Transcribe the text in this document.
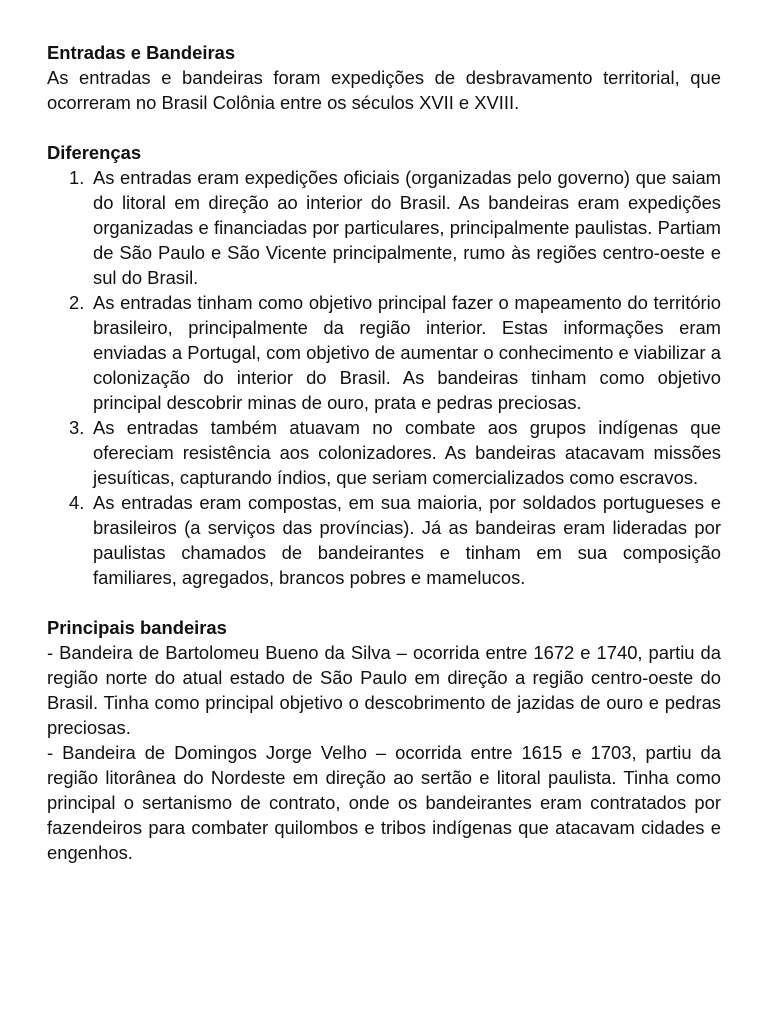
Entradas e Bandeiras

As entradas e bandeiras foram expedições de desbravamento territorial, que ocorreram no Brasil Colônia entre os séculos XVII e XVIII.

Diferenças

1. As entradas eram expedições oficiais (organizadas pelo governo) que saiam do litoral em direção ao interior do Brasil. As bandeiras eram expedições organizadas e financiadas por particulares, principalmente paulistas. Partiam de São Paulo e São Vicente principalmente, rumo às regiões centro-oeste e sul do Brasil.
2. As entradas tinham como objetivo principal fazer o mapeamento do território brasileiro, principalmente da região interior. Estas informações eram enviadas a Portugal, com objetivo de aumentar o conhecimento e viabilizar a colonização do interior do Brasil. As bandeiras tinham como objetivo principal descobrir minas de ouro, prata e pedras preciosas.
3. As entradas também atuavam no combate aos grupos indígenas que ofereciam resistência aos colonizadores. As bandeiras atacavam missões jesuíticas, capturando índios, que seriam comercializados como escravos.
4. As entradas eram compostas, em sua maioria, por soldados portugueses e brasileiros (a serviços das províncias). Já as bandeiras eram lideradas por paulistas chamados de bandeirantes e tinham em sua composição familiares, agregados, brancos pobres e mamelucos.

Principais bandeiras

- Bandeira de Bartolomeu Bueno da Silva – ocorrida entre 1672 e 1740, partiu da região norte do atual estado de São Paulo em direção a região centro-oeste do Brasil. Tinha como principal objetivo o descobrimento de jazidas de ouro e pedras preciosas.

- Bandeira de Domingos Jorge Velho – ocorrida entre 1615 e 1703, partiu da região litorânea do Nordeste em direção ao sertão e litoral paulista. Tinha como principal o sertanismo de contrato, onde os bandeirantes eram contratados por fazendeiros para combater quilombos e tribos indígenas que atacavam cidades e engenhos.
